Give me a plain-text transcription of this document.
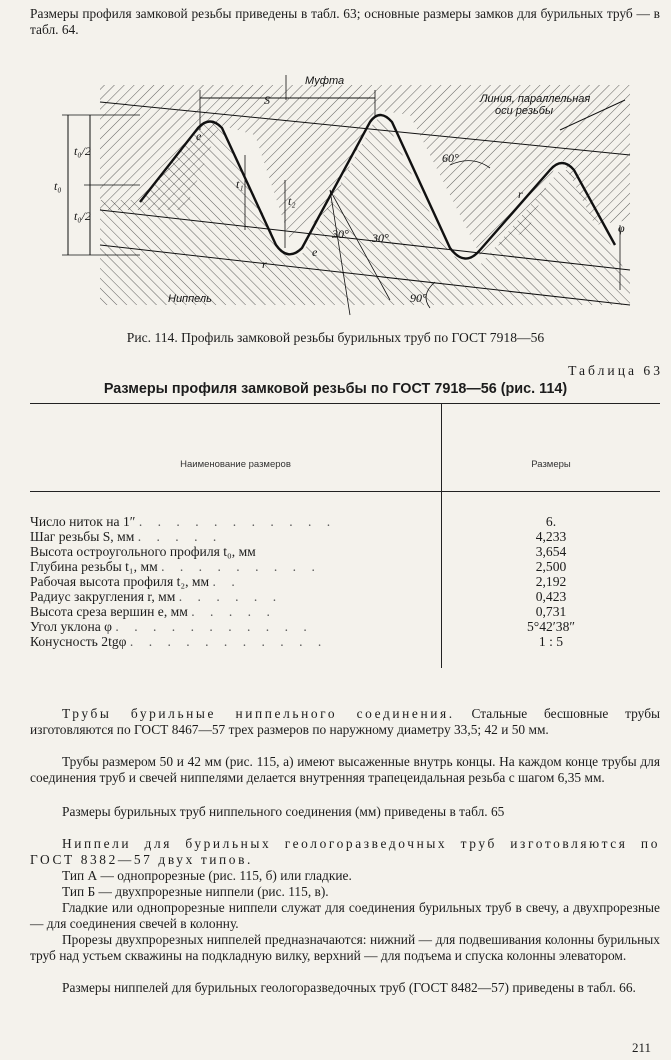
Размеры профиля замковой резьбы приведены в табл. 63; основные размеры замков для бурильных труб — в табл. 64.
Муфта
Линия, параллельная
оси резьбы
Ниппель
S
e
e
t₀
t₀/2
t₀/2
t₁
t₂
r
r
φ
60°
30° 30°
90°
Рис. 114. Профиль замковой резьбы бурильных труб по ГОСТ 7918—56
Таблица 63
Размеры профиля замковой резьбы по ГОСТ 7918—56 (рис. 114)
Наименование размеров	Размеры
Число ниток на 1″ . . . . . . . . . . .	6.
Шаг резьбы S, мм . . . . .	4,233
Высота остроугольного профиля t₀, мм	3,654
Глубина резьбы t₁, мм . . . . . . . . .	2,500
Рабочая высота профиля t₂, мм . .	2,192
Радиус закругления r, мм . . . . . .	0,423
Высота среза вершин e, мм . . . . .	0,731
Угол уклона φ . . . . . . . . . . .	5°42′38″
Конусность 2tgφ . . . . . . . . . . .	1 : 5
Трубы бурильные ниппельного соединения. Стальные бесшовные трубы изготовляются по ГОСТ 8467—57 трех размеров по наружному диаметру 33,5; 42 и 50 мм.
Трубы размером 50 и 42 мм (рис. 115, а) имеют высаженные внутрь концы. На каждом конце трубы для соединения труб и свечей ниппелями делается внутренняя трапецеидальная резьба с шагом 6,35 мм.
Размеры бурильных труб ниппельного соединения (мм) приведены в табл. 65
Ниппели для бурильных геологоразведочных труб изготовляются по ГОСТ 8382—57 двух типов.
Тип А — однопрорезные (рис. 115, б) или гладкие.
Тип Б — двухпрорезные ниппели (рис. 115, в).
Гладкие или однопрорезные ниппели служат для соединения бурильных труб в свечу, а двухпрорезные — для соединения свечей в колонну.
Прорезы двухпрорезных ниппелей предназначаются: нижний — для подвешивания колонны бурильных труб над устьем скважины на подкладную вилку, верхний — для подъема и спуска колонны элеватором.
Размеры ниппелей для бурильных геологоразведочных труб (ГОСТ 8482—57) приведены в табл. 66.
211
